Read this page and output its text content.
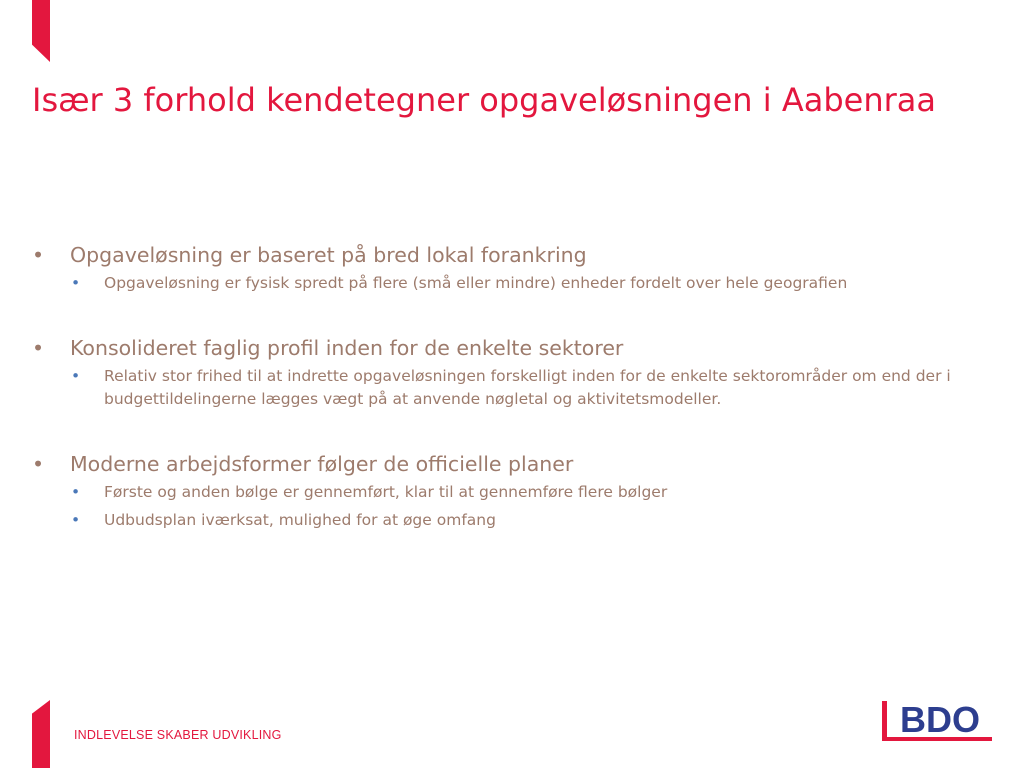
Især 3 forhold kendetegner opgaveløsningen i Aabenraa
• Opgaveløsning er baseret på bred lokal forankring
• Opgaveløsning er fysisk spredt på flere (små eller mindre) enheder fordelt over hele geografien
• Konsolideret faglig profil inden for de enkelte sektorer
• Relativ stor frihed til at indrette opgaveløsningen forskelligt inden for de enkelte sektorområder om end der i budgettildelingerne lægges vægt på at anvende nøgletal og aktivitetsmodeller.
• Moderne arbejdsformer følger de officielle planer
• Første og anden bølge er gennemført, klar til at gennemføre flere bølger
• Udbudsplan iværksat, mulighed for at øge omfang
INDLEVELSE SKABER UDVIKLING	BDO
